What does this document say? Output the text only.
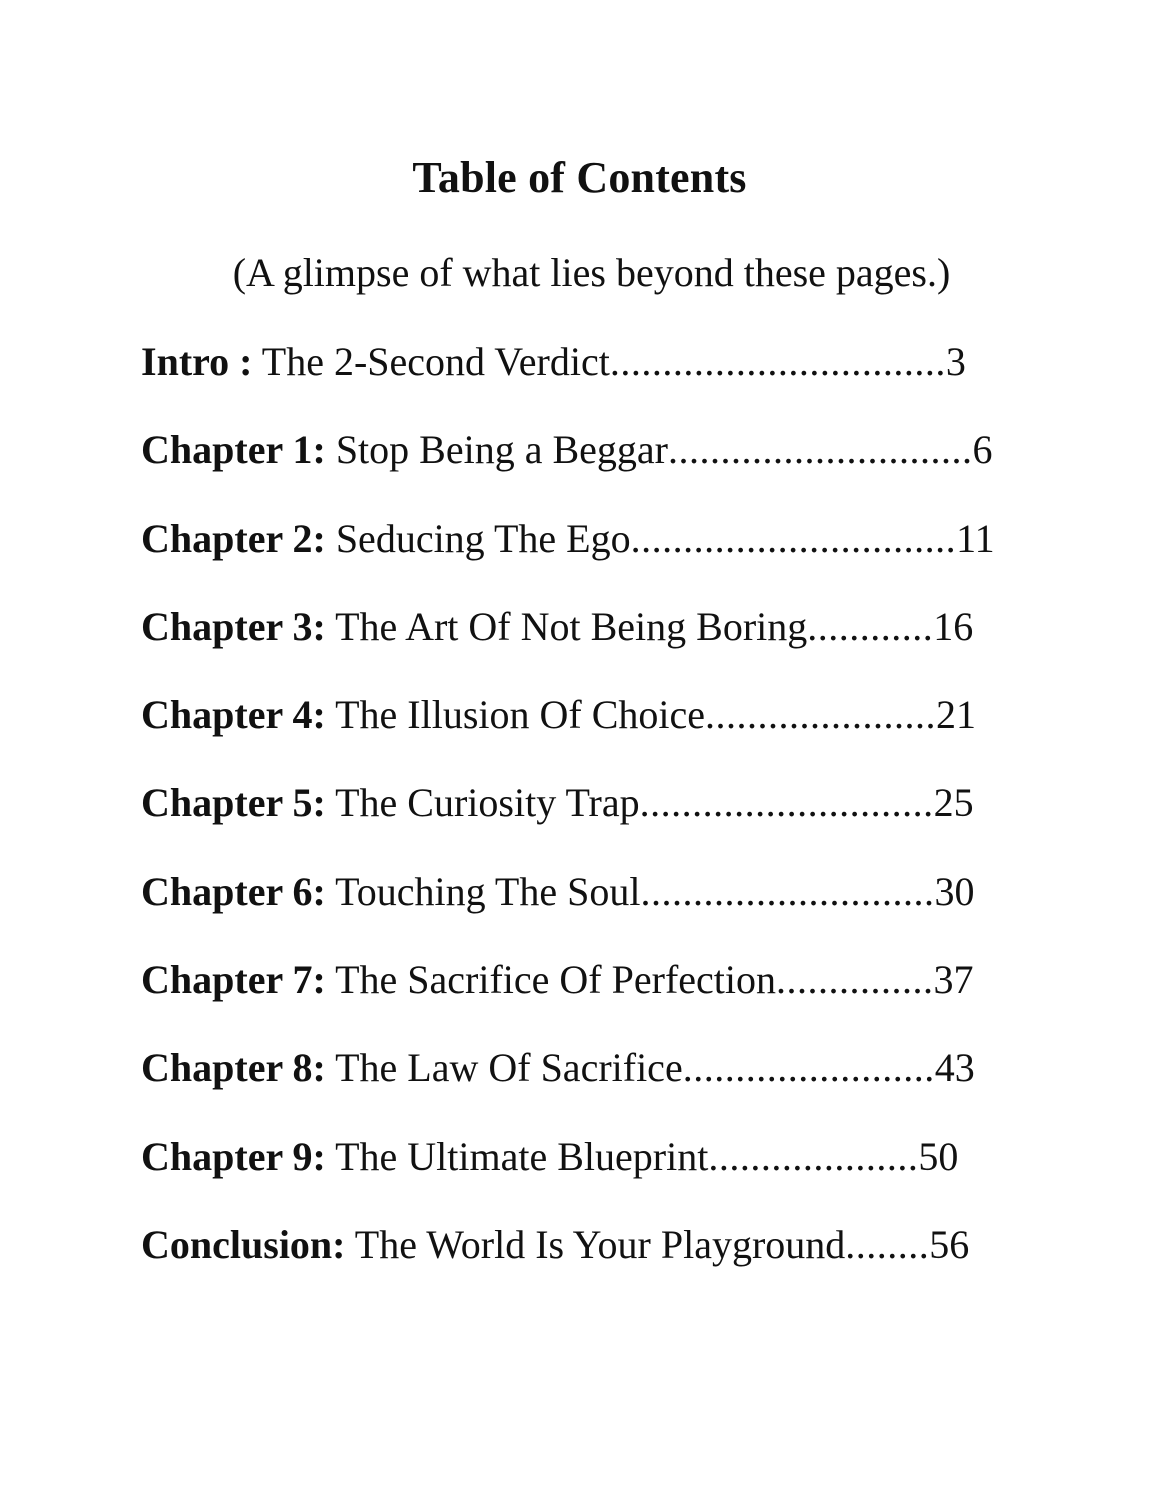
Table of Contents
(A glimpse of what lies beyond these pages.)
Intro : The 2-Second Verdict................................3
Chapter 1: Stop Being a Beggar.............................6
Chapter 2: Seducing The Ego...............................11
Chapter 3: The Art Of Not Being Boring............16
Chapter 4: The Illusion Of Choice......................21
Chapter 5: The Curiosity Trap............................25
Chapter 6: Touching The Soul............................30
Chapter 7: The Sacrifice Of Perfection...............37
Chapter 8: The Law Of Sacrifice........................43
Chapter 9: The Ultimate Blueprint....................50
Conclusion: The World Is Your Playground........56
